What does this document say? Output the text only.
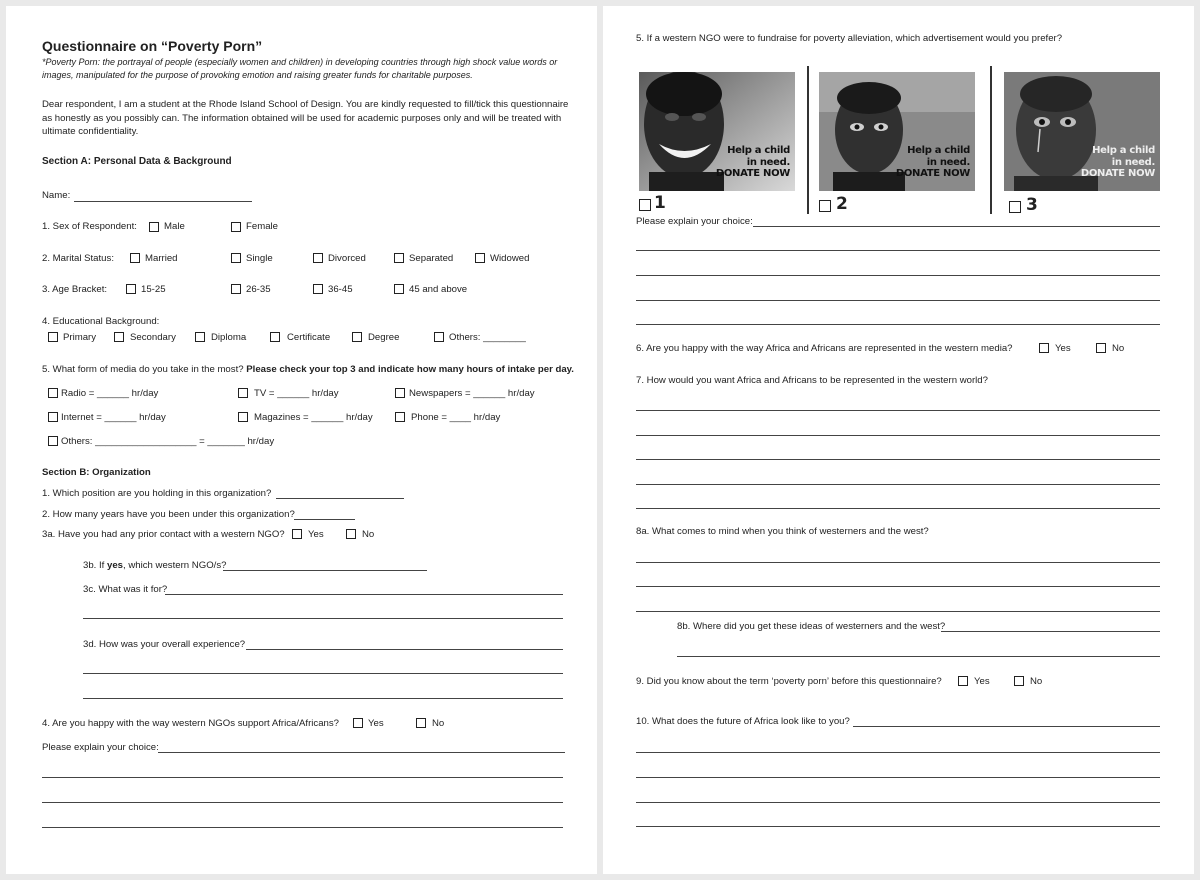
Questionnaire on “Poverty Porn”
*Poverty Porn: the portrayal of people (especially women and children) in developing countries through high shock value words or images, manipulated for the purpose of provoking emotion and raising greater funds for charitable purposes.
Dear respondent, I am a student at the Rhode Island School of Design. You are kindly requested to fill/tick this questionnaire as honestly as you possibly can. The information obtained will be used for academic purposes only and will be treated with ultimate confidentiality.
Section A: Personal Data & Background
Name:
1. Sex of Respondent:	Male	Female
2. Marital Status:	Married	Single	Divorced	Separated	Widowed
3. Age Bracket:	15-25	26-35	36-45	45 and above
4. Educational Background:
Primary	Secondary	Diploma	Certificate	Degree	Others: ________
5. What form of media do you take in the most? Please check your top 3 and indicate how many hours of intake per day.
Radio = ______ hr/day	TV = ______ hr/day	Newspapers = ______ hr/day
Internet = ______ hr/day	Magazines = ______ hr/day	Phone = ____ hr/day
Others: ___________________ = _______ hr/day
Section B: Organization
1. Which position are you holding in this organization?
2. How many years have you been under this organization?
3a. Have you had any prior contact with a western NGO? Yes	No
3b. If yes, which western NGO/s?
3c. What was it for?
3d. How was your overall experience?
4. Are you happy with the way western NGOs support Africa/Africans?	Yes	No
Please explain your choice:
5. If a western NGO were to fundraise for poverty alleviation, which advertisement would you prefer?
Help a child
in need.
DONATE NOW
1
Help a child
in need.
DONATE NOW
2
Help a child
in need.
DONATE NOW
3
Please explain your choice:
6. Are you happy with the way Africa and Africans are represented in the western media?	Yes	No
7. How would you want Africa and Africans to be represented in the western world?
8a. What comes to mind when you think of westerners and the west?
8b. Where did you get these ideas of westerners and the west?
9. Did you know about the term ‘poverty porn’ before this questionnaire?	Yes	No
10. What does the future of Africa look like to you?
